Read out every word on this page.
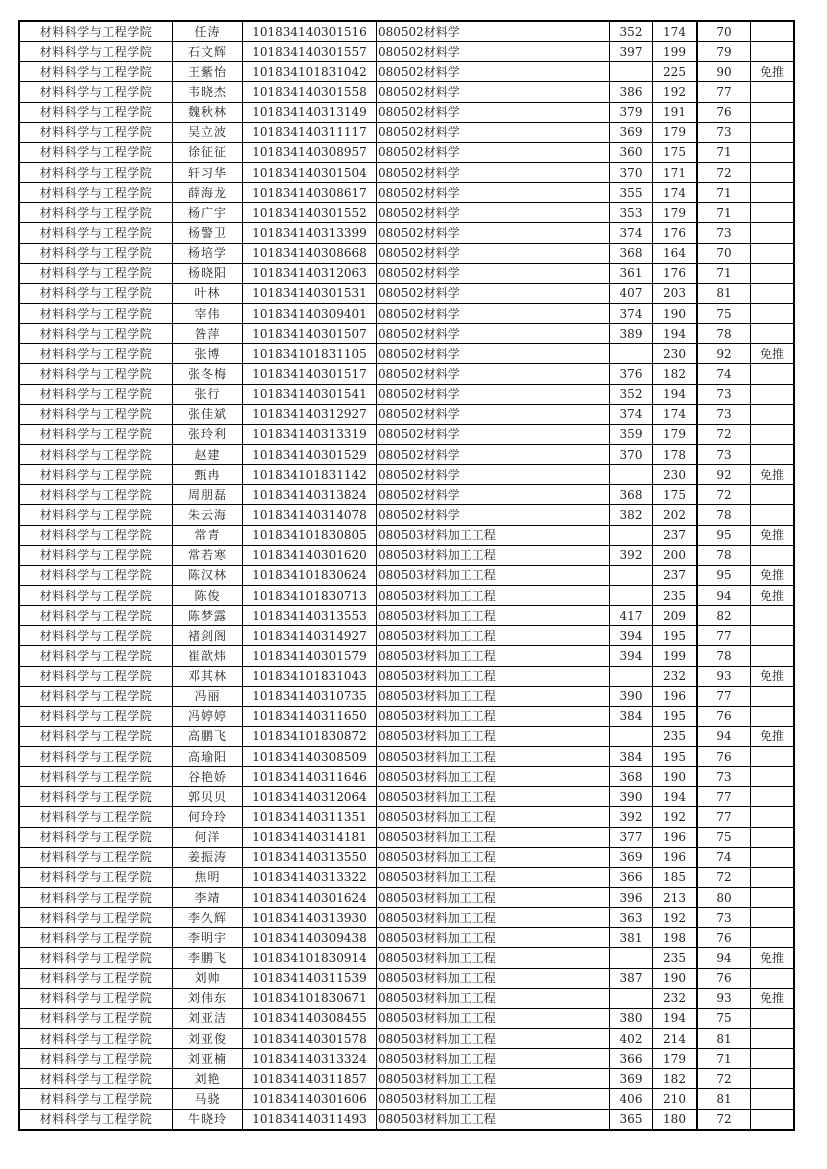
材料科学与工程学院	任涛	101834140301516	080502材料学	352	174	70	
材料科学与工程学院	石文辉	101834140301557	080502材料学	397	199	79	
材料科学与工程学院	王紫怡	101834101831042	080502材料学		225	90	免推
材料科学与工程学院	韦晓杰	101834140301558	080502材料学	386	192	77	
材料科学与工程学院	魏秋林	101834140313149	080502材料学	379	191	76	
材料科学与工程学院	吴立波	101834140311117	080502材料学	369	179	73	
材料科学与工程学院	徐征征	101834140308957	080502材料学	360	175	71	
材料科学与工程学院	轩习华	101834140301504	080502材料学	370	171	72	
材料科学与工程学院	薛海龙	101834140308617	080502材料学	355	174	71	
材料科学与工程学院	杨广宇	101834140301552	080502材料学	353	179	71	
材料科学与工程学院	杨警卫	101834140313399	080502材料学	374	176	73	
材料科学与工程学院	杨培学	101834140308668	080502材料学	368	164	70	
材料科学与工程学院	杨晓阳	101834140312063	080502材料学	361	176	71	
材料科学与工程学院	叶林	101834140301531	080502材料学	407	203	81	
材料科学与工程学院	宰伟	101834140309401	080502材料学	374	190	75	
材料科学与工程学院	昝萍	101834140301507	080502材料学	389	194	78	
材料科学与工程学院	张博	101834101831105	080502材料学		230	92	免推
材料科学与工程学院	张冬梅	101834140301517	080502材料学	376	182	74	
材料科学与工程学院	张行	101834140301541	080502材料学	352	194	73	
材料科学与工程学院	张佳斌	101834140312927	080502材料学	374	174	73	
材料科学与工程学院	张玲利	101834140313319	080502材料学	359	179	72	
材料科学与工程学院	赵建	101834140301529	080502材料学	370	178	73	
材料科学与工程学院	甄冉	101834101831142	080502材料学		230	92	免推
材料科学与工程学院	周朋磊	101834140313824	080502材料学	368	175	72	
材料科学与工程学院	朱云海	101834140314078	080502材料学	382	202	78	
材料科学与工程学院	常青	101834101830805	080503材料加工工程		237	95	免推
材料科学与工程学院	常若寒	101834140301620	080503材料加工工程	392	200	78	
材料科学与工程学院	陈汉林	101834101830624	080503材料加工工程		237	95	免推
材料科学与工程学院	陈俊	101834101830713	080503材料加工工程		235	94	免推
材料科学与工程学院	陈梦露	101834140313553	080503材料加工工程	417	209	82	
材料科学与工程学院	褚剑阁	101834140314927	080503材料加工工程	394	195	77	
材料科学与工程学院	崔歆炜	101834140301579	080503材料加工工程	394	199	78	
材料科学与工程学院	邓其林	101834101831043	080503材料加工工程		232	93	免推
材料科学与工程学院	冯丽	101834140310735	080503材料加工工程	390	196	77	
材料科学与工程学院	冯婷婷	101834140311650	080503材料加工工程	384	195	76	
材料科学与工程学院	高鹏飞	101834101830872	080503材料加工工程		235	94	免推
材料科学与工程学院	高瑜阳	101834140308509	080503材料加工工程	384	195	76	
材料科学与工程学院	谷艳娇	101834140311646	080503材料加工工程	368	190	73	
材料科学与工程学院	郭贝贝	101834140312064	080503材料加工工程	390	194	77	
材料科学与工程学院	何玲玲	101834140311351	080503材料加工工程	392	192	77	
材料科学与工程学院	何洋	101834140314181	080503材料加工工程	377	196	75	
材料科学与工程学院	姜振涛	101834140313550	080503材料加工工程	369	196	74	
材料科学与工程学院	焦明	101834140313322	080503材料加工工程	366	185	72	
材料科学与工程学院	李靖	101834140301624	080503材料加工工程	396	213	80	
材料科学与工程学院	李久辉	101834140313930	080503材料加工工程	363	192	73	
材料科学与工程学院	李明宇	101834140309438	080503材料加工工程	381	198	76	
材料科学与工程学院	李鹏飞	101834101830914	080503材料加工工程		235	94	免推
材料科学与工程学院	刘帅	101834140311539	080503材料加工工程	387	190	76	
材料科学与工程学院	刘伟东	101834101830671	080503材料加工工程		232	93	免推
材料科学与工程学院	刘亚洁	101834140308455	080503材料加工工程	380	194	75	
材料科学与工程学院	刘亚俊	101834140301578	080503材料加工工程	402	214	81	
材料科学与工程学院	刘亚楠	101834140313324	080503材料加工工程	366	179	71	
材料科学与工程学院	刘艳	101834140311857	080503材料加工工程	369	182	72	
材料科学与工程学院	马骁	101834140301606	080503材料加工工程	406	210	81	
材料科学与工程学院	牛晓玲	101834140311493	080503材料加工工程	365	180	72	
